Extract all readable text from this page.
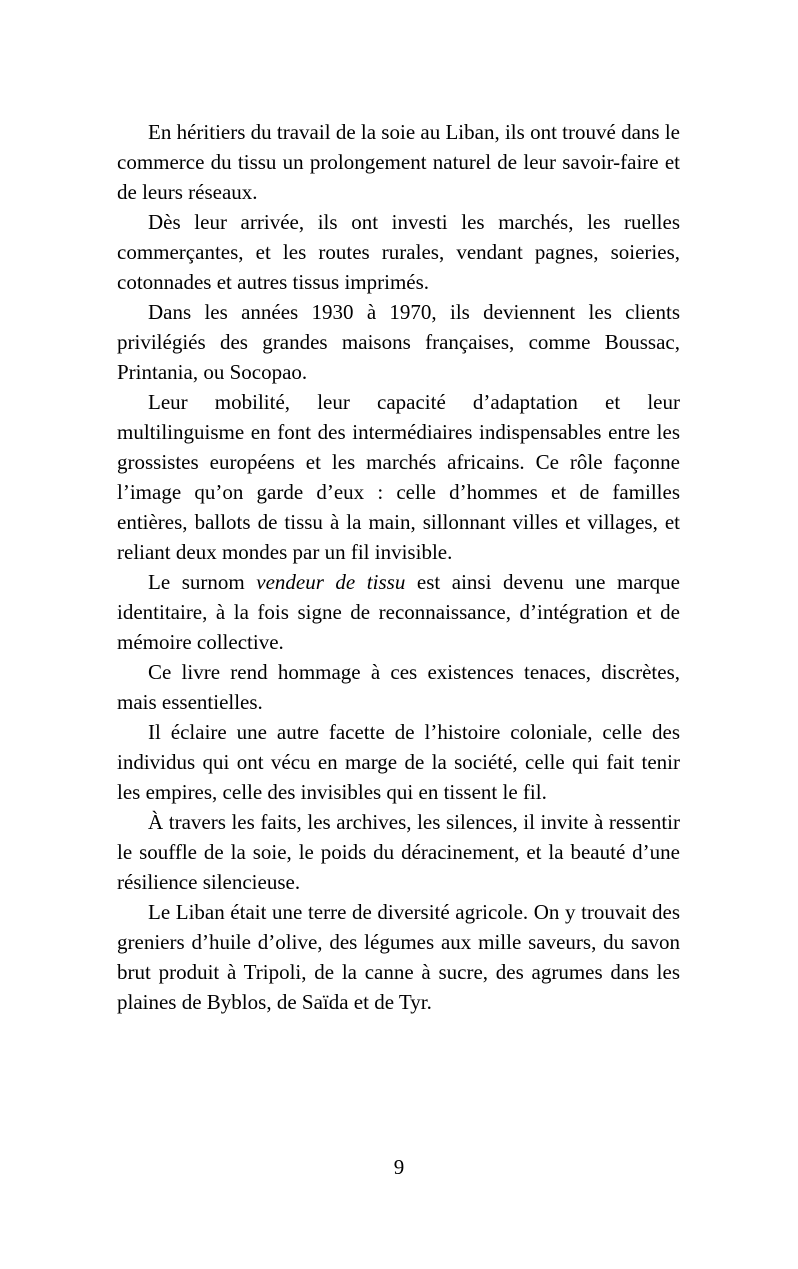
En héritiers du travail de la soie au Liban, ils ont trouvé dans le commerce du tissu un prolongement naturel de leur savoir-faire et de leurs réseaux.

Dès leur arrivée, ils ont investi les marchés, les ruelles commerçantes, et les routes rurales, vendant pagnes, soieries, cotonnades et autres tissus imprimés.

Dans les années 1930 à 1970, ils deviennent les clients privilégiés des grandes maisons françaises, comme Boussac, Printania, ou Socopao.

Leur mobilité, leur capacité d’adaptation et leur multilinguisme en font des intermédiaires indispensables entre les grossistes européens et les marchés africains. Ce rôle façonne l’image qu’on garde d’eux : celle d’hommes et de familles entières, ballots de tissu à la main, sillonnant villes et villages, et reliant deux mondes par un fil invisible.

Le surnom vendeur de tissu est ainsi devenu une marque identitaire, à la fois signe de reconnaissance, d’intégration et de mémoire collective.

Ce livre rend hommage à ces existences tenaces, discrètes, mais essentielles.

Il éclaire une autre facette de l’histoire coloniale, celle des individus qui ont vécu en marge de la société, celle qui fait tenir les empires, celle des invisibles qui en tissent le fil.

À travers les faits, les archives, les silences, il invite à ressentir le souffle de la soie, le poids du déracinement, et la beauté d’une résilience silencieuse.

Le Liban était une terre de diversité agricole. On y trouvait des greniers d’huile d’olive, des légumes aux mille saveurs, du savon brut produit à Tripoli, de la canne à sucre, des agrumes dans les plaines de Byblos, de Saïda et de Tyr.

9
